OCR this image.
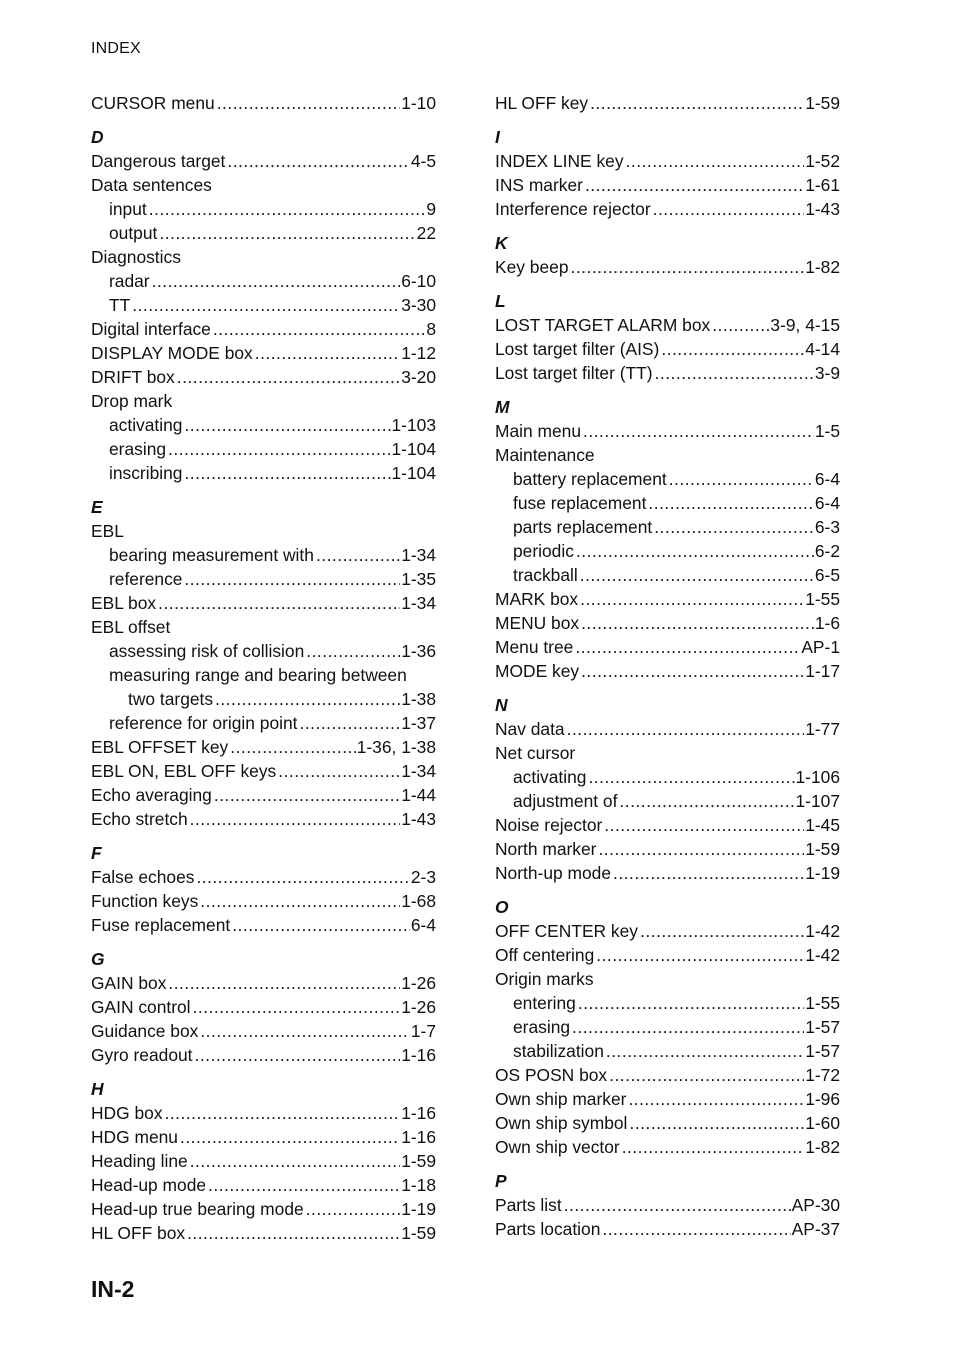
INDEX
CURSOR menu .....	1-10
D
Dangerous target .....	4-5
Data sentences
input .....	9
output .....	22
Diagnostics
radar .....	6-10
TT .....	3-30
Digital interface .....	8
DISPLAY MODE box .....	1-12
DRIFT box .....	3-20
Drop mark
activating .....	1-103
erasing .....	1-104
inscribing .....	1-104
E
EBL
bearing measurement with .....	1-34
reference .....	1-35
EBL box .....	1-34
EBL offset
assessing risk of collision .....	1-36
measuring range and bearing between
two targets .....	1-38
reference for origin point .....	1-37
EBL OFFSET key .....	1-36, 1-38
EBL ON, EBL OFF keys .....	1-34
Echo averaging .....	1-44
Echo stretch .....	1-43
F
False echoes .....	2-3
Function keys .....	1-68
Fuse replacement .....	6-4
G
GAIN box .....	1-26
GAIN control .....	1-26
Guidance box .....	1-7
Gyro readout .....	1-16
H
HDG box .....	1-16
HDG menu .....	1-16
Heading line .....	1-59
Head-up mode .....	1-18
Head-up true bearing mode .....	1-19
HL OFF box .....	1-59
HL OFF key .....	1-59
I
INDEX LINE key .....	1-52
INS marker .....	1-61
Interference rejector .....	1-43
K
Key beep .....	1-82
L
LOST TARGET ALARM box .....	3-9, 4-15
Lost target filter (AIS) .....	4-14
Lost target filter (TT) .....	3-9
M
Main menu .....	1-5
Maintenance
battery replacement .....	6-4
fuse replacement .....	6-4
parts replacement .....	6-3
periodic .....	6-2
trackball .....	6-5
MARK box .....	1-55
MENU box .....	1-6
Menu tree .....	AP-1
MODE key .....	1-17
N
Nav data .....	1-77
Net cursor
activating .....	1-106
adjustment of .....	1-107
Noise rejector .....	1-45
North marker .....	1-59
North-up mode .....	1-19
O
OFF CENTER key .....	1-42
Off centering .....	1-42
Origin marks
entering .....	1-55
erasing .....	1-57
stabilization .....	1-57
OS POSN box .....	1-72
Own ship marker .....	1-96
Own ship symbol .....	1-60
Own ship vector .....	1-82
P
Parts list .....	AP-30
Parts location .....	AP-37
IN-2
